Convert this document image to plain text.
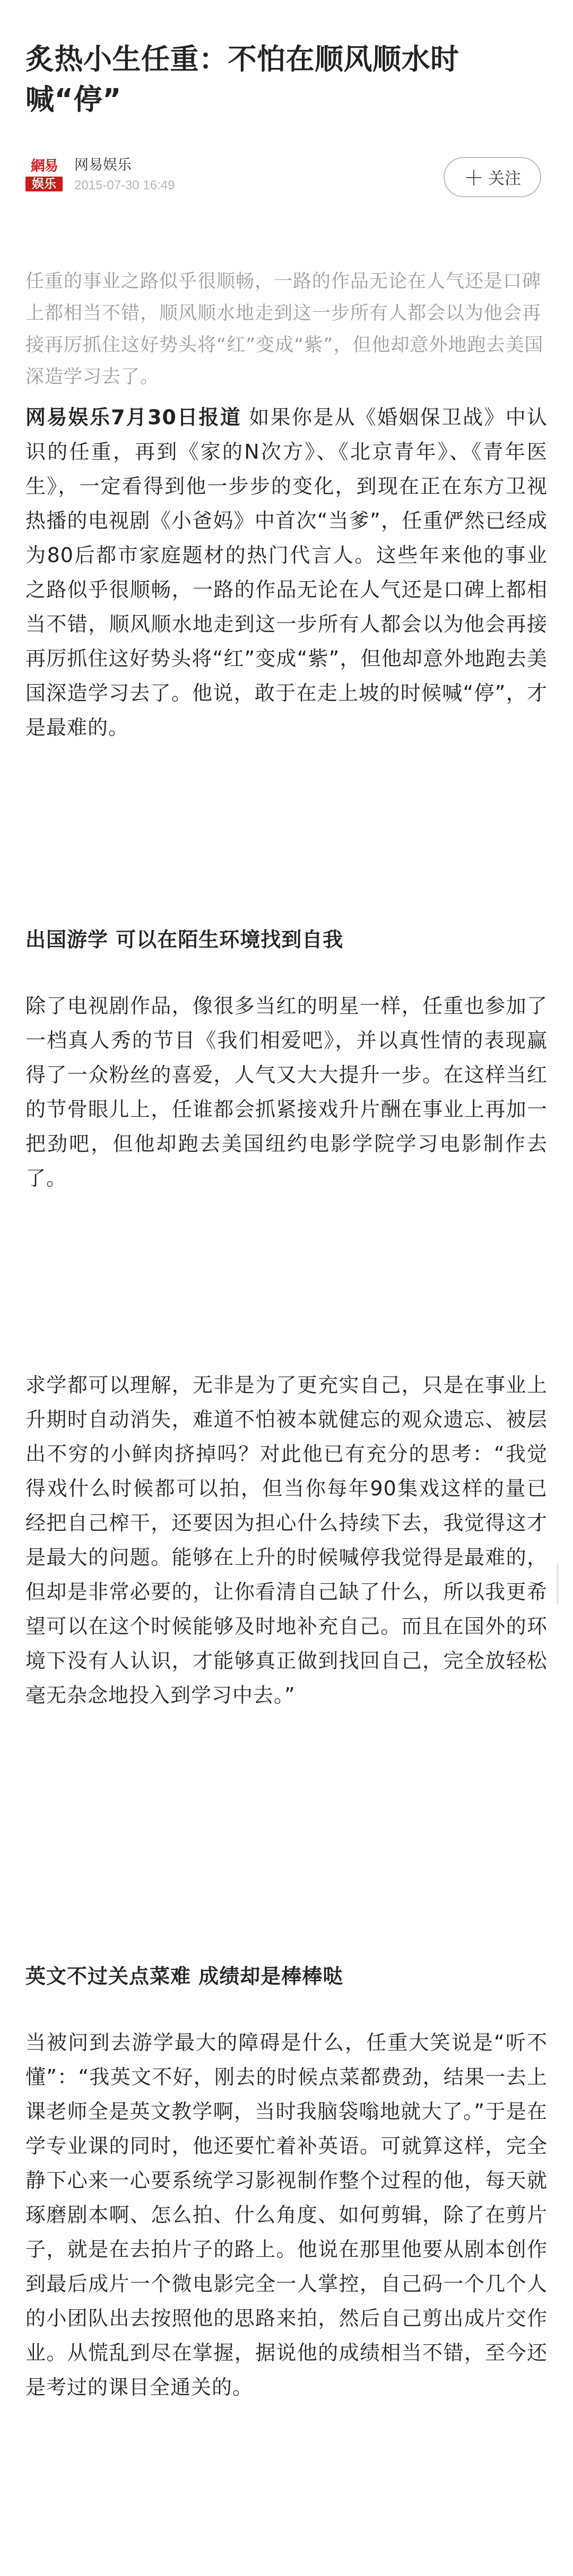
炙热小生任重：不怕在顺风顺水时喊“停”
網易
娱乐
网易娱乐
2015-07-30 16:49	＋ 关注

任重的事业之路似乎很顺畅，一路的作品无论在人气还是口碑上都相当不错，顺风顺水地走到这一步所有人都会以为他会再接再厉抓住这好势头将“红”变成“紫”，但他却意外地跑去美国深造学习去了。

网易娱乐7月30日报道 如果你是从《婚姻保卫战》中认识的任重，再到《家的N次方》、《北京青年》、《青年医生》，一定看得到他一步步的变化，到现在正在东方卫视热播的电视剧《小爸妈》中首次“当爹”，任重俨然已经成为80后都市家庭题材的热门代言人。这些年来他的事业之路似乎很顺畅，一路的作品无论在人气还是口碑上都相当不错，顺风顺水地走到这一步所有人都会以为他会再接再厉抓住这好势头将“红”变成“紫”，但他却意外地跑去美国深造学习去了。他说，敢于在走上坡的时候喊“停”，才是最难的。

出国游学 可以在陌生环境找到自我

除了电视剧作品，像很多当红的明星一样，任重也参加了一档真人秀的节目《我们相爱吧》，并以真性情的表现赢得了一众粉丝的喜爱，人气又大大提升一步。在这样当红的节骨眼儿上，任谁都会抓紧接戏升片酬在事业上再加一把劲吧，但他却跑去美国纽约电影学院学习电影制作去了。

求学都可以理解，无非是为了更充实自己，只是在事业上升期时自动消失，难道不怕被本就健忘的观众遗忘、被层出不穷的小鲜肉挤掉吗？对此他已有充分的思考：“我觉得戏什么时候都可以拍，但当你每年90集戏这样的量已经把自己榨干，还要因为担心什么持续下去，我觉得这才是最大的问题。能够在上升的时候喊停我觉得是最难的，但却是非常必要的，让你看清自己缺了什么，所以我更希望可以在这个时候能够及时地补充自己。而且在国外的环境下没有人认识，才能够真正做到找回自己，完全放轻松毫无杂念地投入到学习中去。”

英文不过关点菜难 成绩却是棒棒哒

当被问到去游学最大的障碍是什么，任重大笑说是“听不懂”：“我英文不好，刚去的时候点菜都费劲，结果一去上课老师全是英文教学啊，当时我脑袋嗡地就大了。”于是在学专业课的同时，他还要忙着补英语。可就算这样，完全静下心来一心要系统学习影视制作整个过程的他，每天就琢磨剧本啊、怎么拍、什么角度、如何剪辑，除了在剪片子，就是在去拍片子的路上。他说在那里他要从剧本创作到最后成片一个微电影完全一人掌控，自己码一个几个人的小团队出去按照他的思路来拍，然后自己剪出成片交作业。从慌乱到尽在掌握，据说他的成绩相当不错，至今还是考过的课目全通关的。
